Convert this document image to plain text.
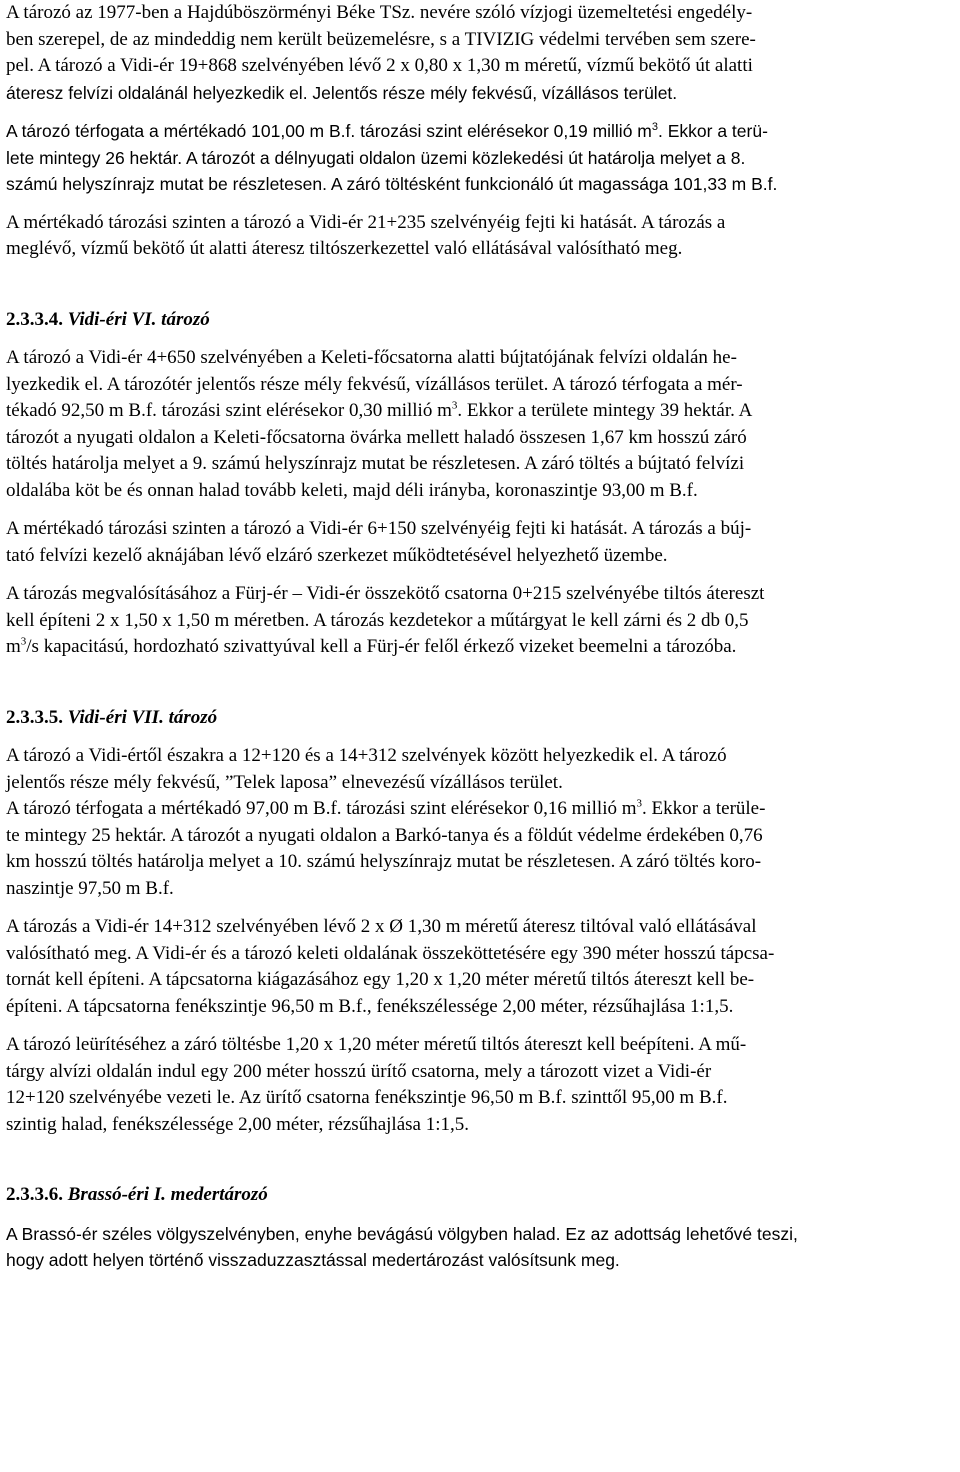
A tározó az 1977-ben a Hajdúböszörményi Béke TSz. nevére szóló vízjogi üzemeltetési engedély-
ben szerepel, de az mindeddig nem került beüzemelésre, s a TIVIZIG védelmi tervében sem szere-
pel. A tározó a Vidi-ér 19+868 szelvényében lévő 2 x 0,80 x 1,30 m méretű, vízmű bekötő út alatti
áteresz felvízi oldalánál helyezkedik el. Jelentős része mély fekvésű, vízállásos terület.
A tározó térfogata a mértékadó 101,00 m B.f. tározási szint elérésekor 0,19 millió $m^3$. Ekkor a terü-
lete mintegy 26 hektár. A tározót a délnyugati oldalon üzemi közlekedési út határolja melyet a 8.
számú helyszínrajz mutat be részletesen. A záró töltésként funkcionáló út magassága 101,33 m B.f.
A mértékadó tározási szinten a tározó a Vidi-ér 21+235 szelvényéig fejti ki hatását. A tározás a
meglévő, vízmű bekötő út alatti áteresz tiltószerkezettel való ellátásával valósítható meg.
2.3.3.4. Vidi-éri VI. tározó
A tározó a Vidi-ér 4+650 szelvényében a Keleti-főcsatorna alatti bújtatójának felvízi oldalán he-
lyezkedik el. A tározótér jelentős része mély fekvésű, vízállásos terület. A tározó térfogata a mér-
tékadó 92,50 m B.f. tározási szint elérésekor 0,30 millió $m^3$. Ekkor a területe mintegy 39 hektár. A
tározót a nyugati oldalon a Keleti-főcsatorna övárka mellett haladó összesen 1,67 km hosszú záró
töltés határolja melyet a 9. számú helyszínrajz mutat be részletesen. A záró töltés a bújtató felvízi
oldalába köt be és onnan halad tovább keleti, majd déli irányba, koronaszintje 93,00 m B.f.
A mértékadó tározási szinten a tározó a Vidi-ér 6+150 szelvényéig fejti ki hatását. A tározás a búj-
tató felvízi kezelő aknájában lévő elzáró szerkezet működtetésével helyezhető üzembe.
A tározás megvalósításához a Fürj-ér – Vidi-ér összekötő csatorna 0+215 szelvényébe tiltós átereszt
kell építeni 2 x 1,50 x 1,50 m méretben. A tározás kezdetekor a műtárgyat le kell zárni és 2 db 0,5
$m^3/s$ kapacitású, hordozható szivattyúval kell a Fürj-ér felől érkező vizeket beemelni a tározóba.
2.3.3.5. Vidi-éri VII. tározó
A tározó a Vidi-értől északra a 12+120 és a 14+312 szelvények között helyezkedik el. A tározó
jelentős része mély fekvésű, ”Telek laposa” elnevezésű vízállásos terület.
A tározó térfogata a mértékadó 97,00 m B.f. tározási szint elérésekor 0,16 millió $m^3$. Ekkor a terüle-
te mintegy 25 hektár. A tározót a nyugati oldalon a Barkó-tanya és a földút védelme érdekében 0,76
km hosszú töltés határolja melyet a 10. számú helyszínrajz mutat be részletesen. A záró töltés koro-
naszintje 97,50 m B.f.
A tározás a Vidi-ér 14+312 szelvényében lévő 2 x Ø 1,30 m méretű áteresz tiltóval való ellátásával
valósítható meg. A Vidi-ér és a tározó keleti oldalának összeköttetésére egy 390 méter hosszú tápcsa-
tornát kell építeni. A tápcsatorna kiágazásához egy 1,20 x 1,20 méter méretű tiltós átereszt kell be-
építeni. A tápcsatorna fenékszintje 96,50 m B.f., fenékszélessége 2,00 méter, rézsűhajlása 1:1,5.
A tározó leürítéséhez a záró töltésbe 1,20 x 1,20 méter méretű tiltós átereszt kell beépíteni. A mű-
tárgy alvízi oldalán indul egy 200 méter hosszú ürítő csatorna, mely a tározott vizet a Vidi-ér
12+120 szelvényébe vezeti le. Az ürítő csatorna fenékszintje 96,50 m B.f. szinttől 95,00 m B.f.
szintig halad, fenékszélessége 2,00 méter, rézsűhajlása 1:1,5.
2.3.3.6. Brassó-éri I. medertározó
A Brassó-ér széles völgyszelvényben, enyhe bevágású völgyben halad. Ez az adottság lehetővé teszi,
hogy adott helyen történő visszaduzzasztással medertározást valósítsunk meg.
